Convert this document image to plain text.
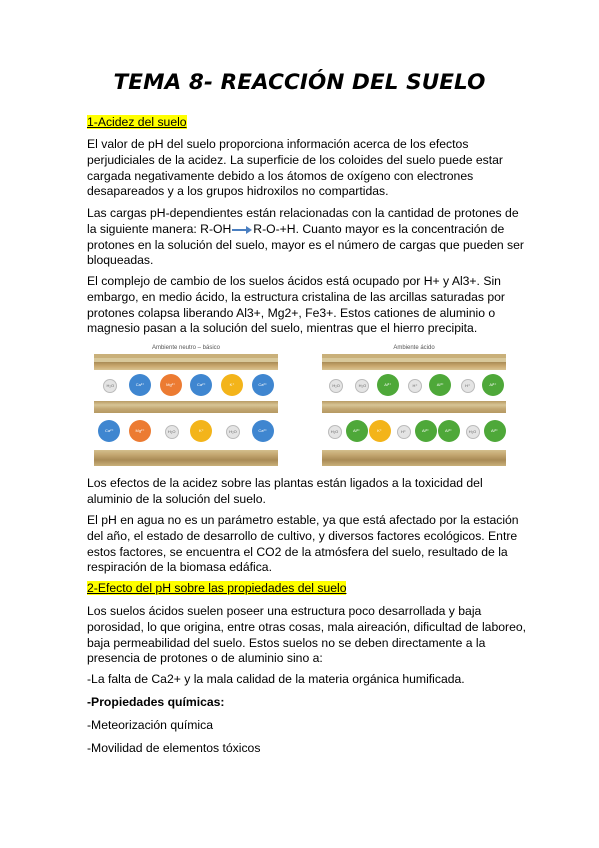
TEMA 8- REACCIÓN DEL SUELO

1-Acidez del suelo

El valor de pH del suelo proporciona información acerca de los efectos perjudiciales de la acidez. La superficie de los coloides del suelo puede estar cargada negativamente debido a los átomos de oxígeno con electrones desapareados y a los grupos hidroxilos no compartidas.

Las cargas pH-dependientes están relacionadas con la cantidad de protones de la siguiente manera: R-OH R-O-+H. Cuanto mayor es la concentración de protones en la solución del suelo, mayor es el número de cargas que pueden ser bloqueadas.

El complejo de cambio de los suelos ácidos está ocupado por H+ y Al3+. Sin embargo, en medio ácido, la estructura cristalina de las arcillas saturadas por protones colapsa liberando Al3+, Mg2+, Fe3+. Estos cationes de aluminio o magnesio pasan a la solución del suelo, mientras que el hierro precipita.

Ambiente neutro – básico
H₂O	Ca²⁺	Mg²⁺	Ca²⁺	K⁺	Ca²⁺
Ca²⁺	Mg²⁺	H₂O	K⁺	H₂O	Ca²⁺
Ambiente ácido
H₂O	H₂O	Al³⁺	H⁺	Al³⁺	H⁺	Al³⁺
H₂O	Al³⁺	K⁺	H⁺	Al³⁺	Al³⁺	H₂O	Al³⁺

Los efectos de la acidez sobre las plantas están ligados a la toxicidad del aluminio de la solución del suelo.

El pH en agua no es un parámetro estable, ya que está afectado por la estación del año, el estado de desarrollo de cultivo, y diversos factores ecológicos. Entre estos factores, se encuentra el CO2 de la atmósfera del suelo, resultado de la respiración de la biomasa edáfica.

2-Efecto del pH sobre las propiedades del suelo

Los suelos ácidos suelen poseer una estructura poco desarrollada y baja porosidad, lo que origina, entre otras cosas, mala aireación, dificultad de laboreo, baja permeabilidad del suelo. Estos suelos no se deben directamente a la presencia de protones o de aluminio sino a:

-La falta de Ca2+ y la mala calidad de la materia orgánica humificada.

-Propiedades químicas:

-Meteorización química

-Movilidad de elementos tóxicos
